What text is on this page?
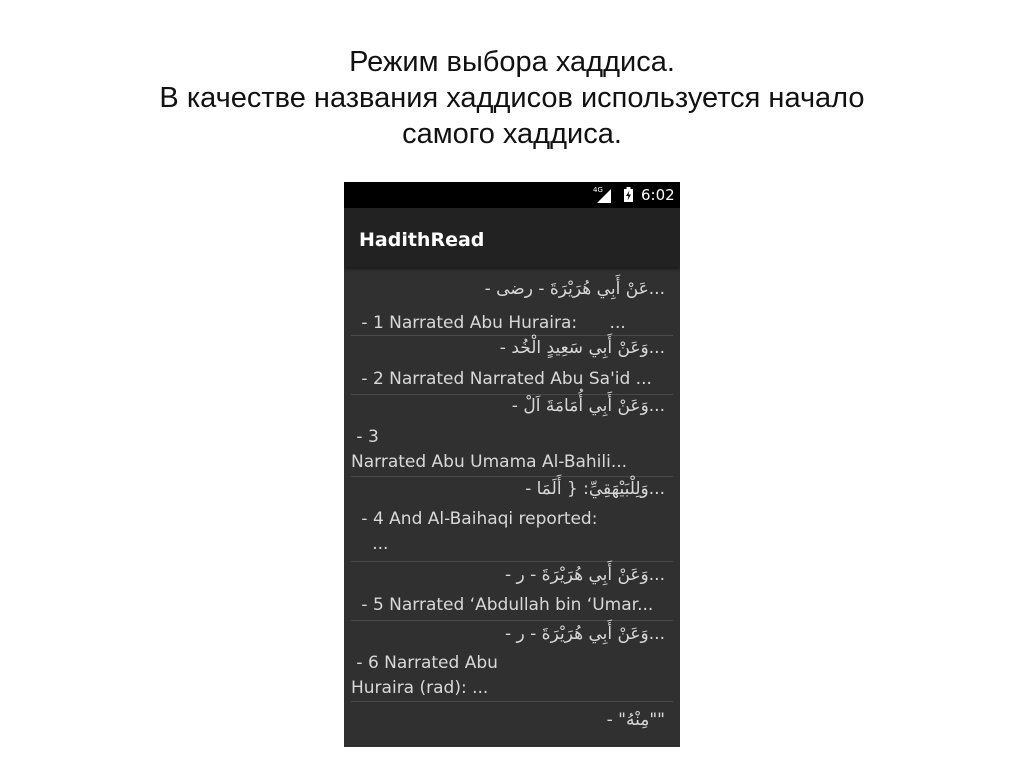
Режим выбора хаддиса.
В качестве названия хаддисов используется начало
самого хаддиса.
4G	6:02
HadithRead
- عَنْ أَبِي هُرَيْرَةَ - رضى...
- 1 Narrated Abu Huraira:      ...
- وَعَنْ أَبِي سَعِيدٍ الْخُد...
- 2 Narrated Narrated Abu Sa'id ...
- وَعَنْ أَبِي أُمَامَةَ اَلْ...
- 3
Narrated Abu Umama Al-Bahili...
- وَلِلْبَيْهَقِيِّ: { أَلَمَا...
- 4 And Al-Baihaqi reported:
...
- وَعَنْ أَبِي هُرَيْرَةَ - ر...
- 5 Narrated ‘Abdullah bin ‘Umar...
- وَعَنْ أَبِي هُرَيْرَةَ - ر...
- 6 Narrated Abu
Huraira (rad): ...
- "مِنْهُ""
